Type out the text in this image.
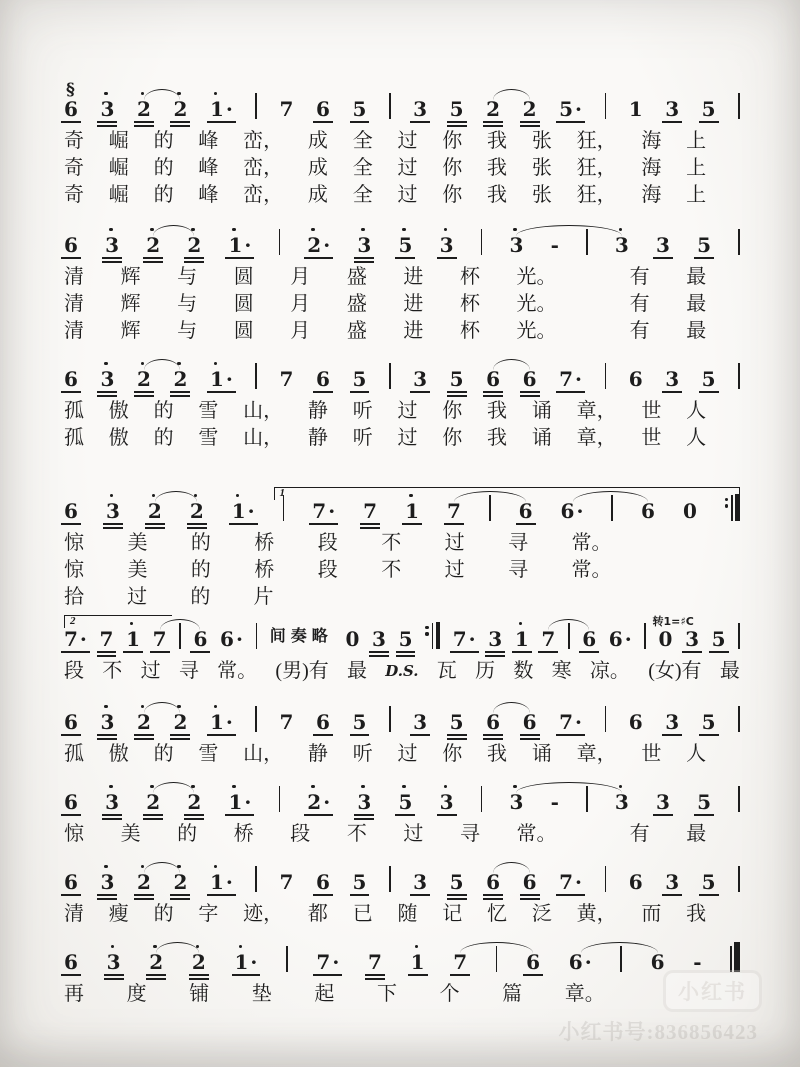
§
6 3 2 2 1 · 7 6 5 3 5 2 2 5 · 1 3 5
奇 崛 的 峰 峦， 成 全 过 你 我 张 狂， 海 上
奇 崛 的 峰 峦， 成 全 过 你 我 张 狂， 海 上
奇 崛 的 峰 峦， 成 全 过 你 我 张 狂， 海 上
6 3 2 2 1 ·	2 · 3 5 3	3 -	3 3 5
清 辉 与 圆 月 盛 进 杯 光。	有 最
清 辉 与 圆 月 盛 进 杯 光。	有 最
清 辉 与 圆 月 盛 进 杯 光。	有 最
6 3 2 2 1 · 7 6 5 3 5 6 6 7 · 6 3 5
孤 傲 的 雪 山， 静 听 过 你 我 诵 章， 世 人
孤 傲 的 雪 山， 静 听 过 你 我 诵 章， 世 人
1
6 3 2 2 1 ·	7 · 7 1 7	6 6 ·	6 0
惊 美 的 桥 段 不 过 寻 常。
惊 美 的 桥 段 不 过 寻 常。
拾 过 的 片
2
7 · 7 1 7 6 6 · 间奏略 0 3 5 7 · 3 1 7 6 6 · 0
转1=♯C
3 5
段 不 过 寻 常。 (男)有 最 D.S. 瓦 历 数 寒 凉。 (女)有 最
6 3 2 2 1 · 7 6 5 3 5 6 6 7 · 6 3 5
孤 傲 的 雪 山， 静 听 过 你 我 诵 章， 世 人
6 3 2 2 1 ·	2 · 3 5 3	3 -	3 3 5
惊 美 的 桥 段 不 过 寻 常。	有 最
6 3 2 2 1 · 7 6 5 3 5 6 6 7 · 6 3 5
清 瘦 的 字 迹， 都 已 随 记 忆 泛 黄， 而 我
6 3 2 2 1 ·	7 · 7 1 7	6 6 ·	6 -
再 度 铺 垫 起 下 个 篇 章。	小红书
小红书号:836856423
